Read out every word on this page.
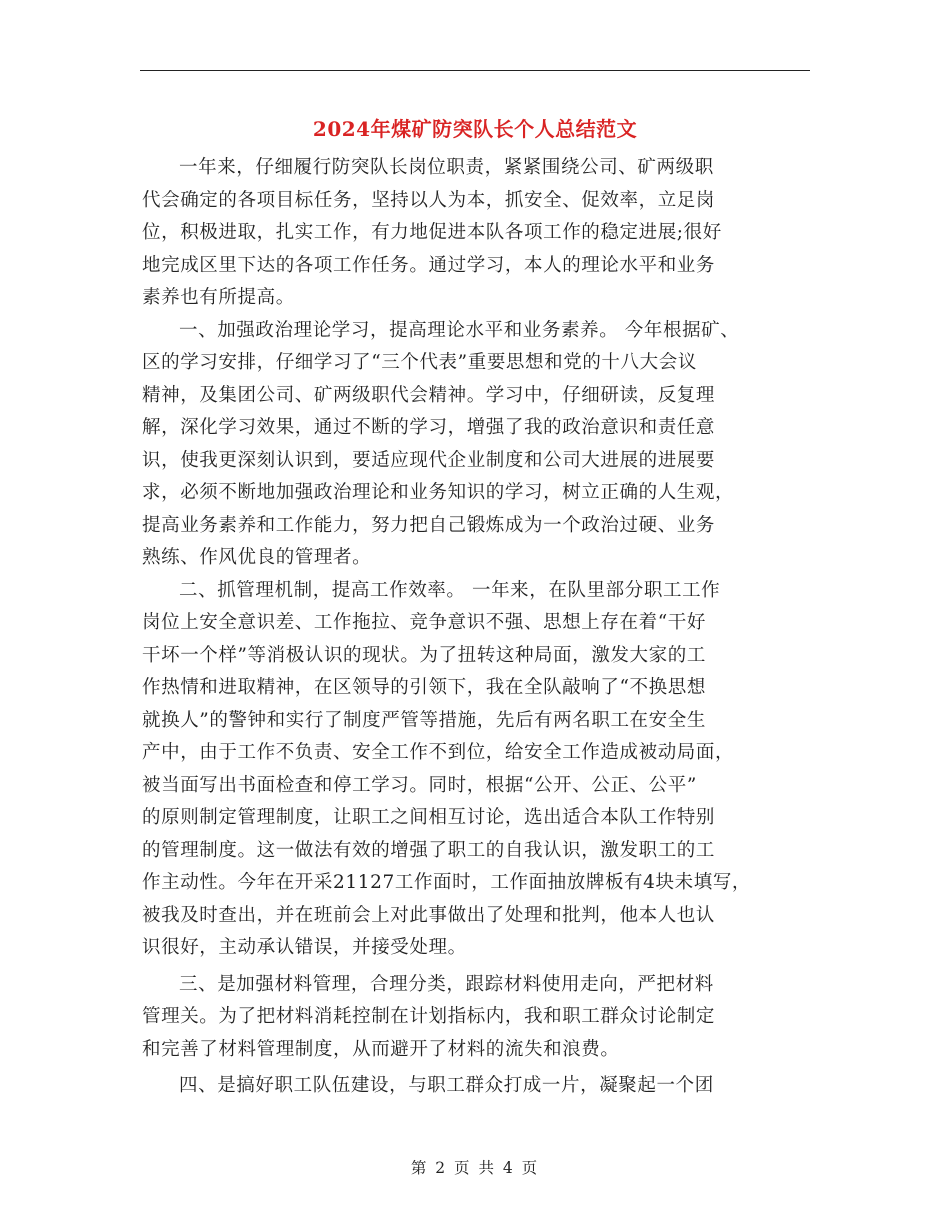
2024年煤矿防突队长个人总结范文
一年来，仔细履行防突队长岗位职责，紧紧围绕公司、矿两级职
代会确定的各项目标任务，坚持以人为本，抓安全、促效率，立足岗
位，积极进取，扎实工作，有力地促进本队各项工作的稳定进展;很好
地完成区里下达的各项工作任务。通过学习，本人的理论水平和业务
素养也有所提高。
一、加强政治理论学习，提高理论水平和业务素养。 今年根据矿、
区的学习安排，仔细学习了“三个代表”重要思想和党的十八大会议
精神，及集团公司、矿两级职代会精神。学习中，仔细研读，反复理
解，深化学习效果，通过不断的学习，增强了我的政治意识和责任意
识，使我更深刻认识到，要适应现代企业制度和公司大进展的进展要
求，必须不断地加强政治理论和业务知识的学习，树立正确的人生观，
提高业务素养和工作能力，努力把自己锻炼成为一个政治过硬、业务
熟练、作风优良的管理者。
二、抓管理机制，提高工作效率。 一年来，在队里部分职工工作
岗位上安全意识差、工作拖拉、竞争意识不强、思想上存在着“干好
干坏一个样”等消极认识的现状。为了扭转这种局面，激发大家的工
作热情和进取精神，在区领导的引领下，我在全队敲响了“不换思想
就换人”的警钟和实行了制度严管等措施，先后有两名职工在安全生
产中，由于工作不负责、安全工作不到位，给安全工作造成被动局面，
被当面写出书面检查和停工学习。同时，根据“公开、公正、公平”
的原则制定管理制度，让职工之间相互讨论，选出适合本队工作特别
的管理制度。这一做法有效的增强了职工的自我认识，激发职工的工
作主动性。今年在开采21127工作面时，工作面抽放牌板有4块未填写，
被我及时查出，并在班前会上对此事做出了处理和批判，他本人也认
识很好，主动承认错误，并接受处理。
三、是加强材料管理，合理分类，跟踪材料使用走向，严把材料
管理关。为了把材料消耗控制在计划指标内，我和职工群众讨论制定
和完善了材料管理制度，从而避开了材料的流失和浪费。
四、是搞好职工队伍建设，与职工群众打成一片，凝聚起一个团
第 2 页 共 4 页
